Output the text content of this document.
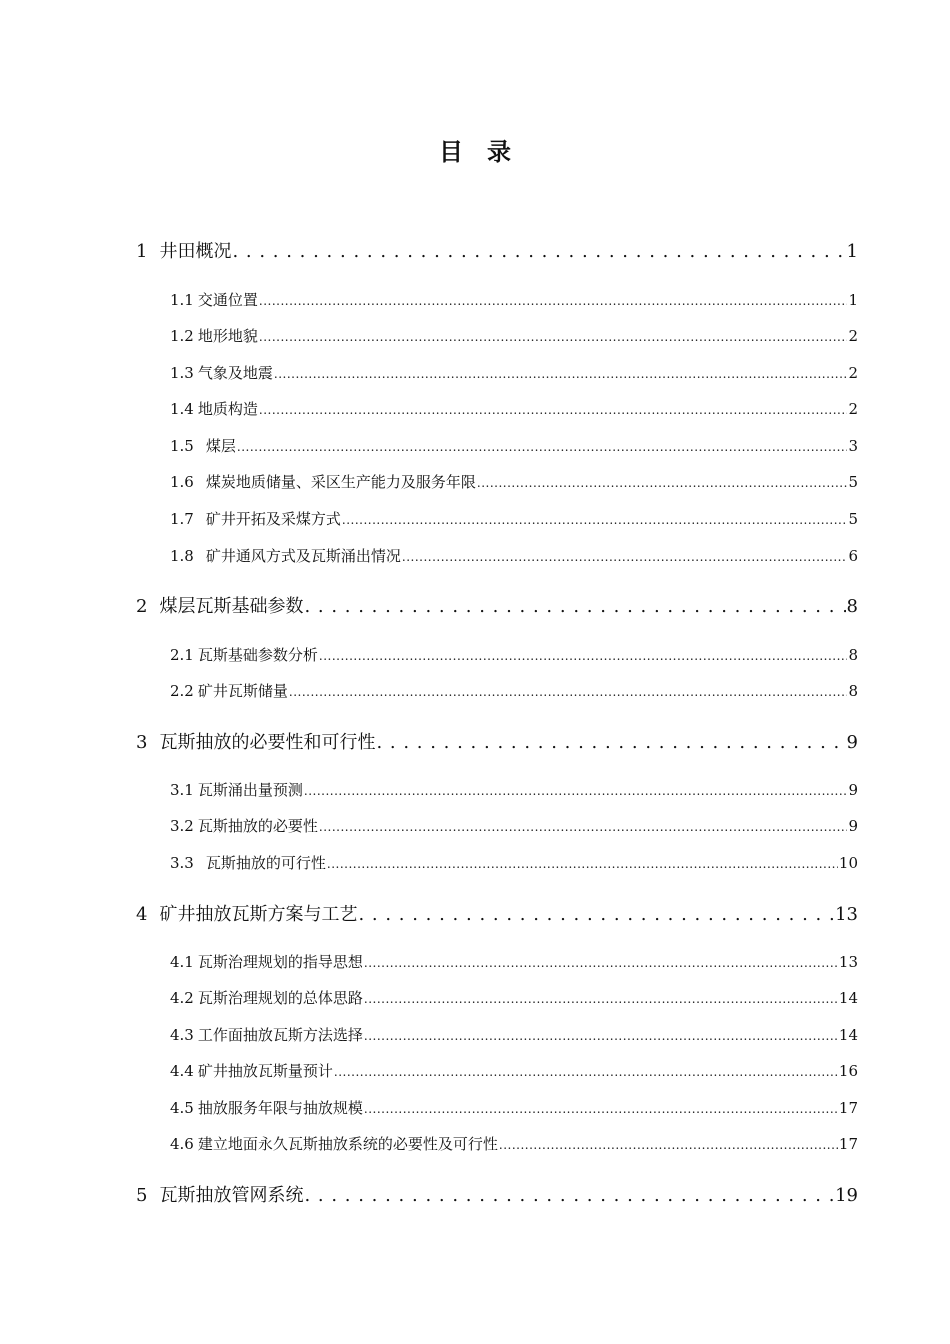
目 录
1 井田概况 . . .	1
1.1 交通位置 .....	1
1.2 地形地貌 .....	2
1.3 气象及地震 .....	2
1.4 地质构造 .....	2
1.5 煤层 .....	3
1.6 煤炭地质储量、采区生产能力及服务年限 .....	5
1.7 矿井开拓及采煤方式 .....	5
1.8 矿井通风方式及瓦斯涌出情况 .....	6
2 煤层瓦斯基础参数 . . .	8
2.1 瓦斯基础参数分析 .....	8
2.2 矿井瓦斯储量 .....	8
3 瓦斯抽放的必要性和可行性 . . .	9
3.1 瓦斯涌出量预测 .....	9
3.2 瓦斯抽放的必要性 .....	9
3.3 瓦斯抽放的可行性 .....	10
4 矿井抽放瓦斯方案与工艺 . . .	13
4.1 瓦斯治理规划的指导思想 .....	13
4.2 瓦斯治理规划的总体思路 .....	14
4.3 工作面抽放瓦斯方法选择 .....	14
4.4 矿井抽放瓦斯量预计 .....	16
4.5 抽放服务年限与抽放规模 .....	17
4.6 建立地面永久瓦斯抽放系统的必要性及可行性 .....	17
5 瓦斯抽放管网系统 . . .	19
